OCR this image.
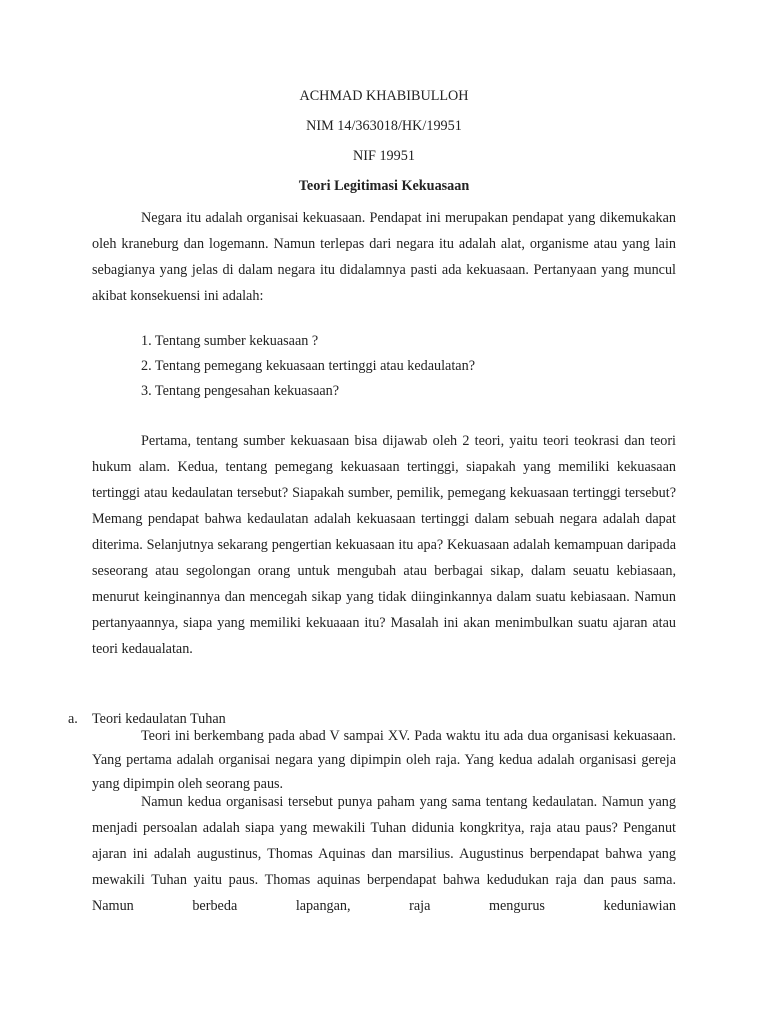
ACHMAD KHABIBULLOH
NIM 14/363018/HK/19951
NIF 19951
Teori Legitimasi Kekuasaan

Negara itu adalah organisai kekuasaan. Pendapat ini merupakan pendapat yang dikemukakan oleh kraneburg dan logemann. Namun terlepas dari negara itu adalah alat, organisme atau yang lain sebagianya yang jelas di dalam negara itu didalamnya pasti ada kekuasaan. Pertanyaan yang muncul akibat konsekuensi ini adalah:

1. Tentang sumber kekuasaan ?
2. Tentang pemegang kekuasaan tertinggi atau kedaulatan?
3. Tentang pengesahan kekuasaan?

Pertama, tentang sumber kekuasaan bisa dijawab oleh 2 teori, yaitu teori teokrasi dan teori hukum alam. Kedua, tentang pemegang kekuasaan tertinggi, siapakah yang memiliki kekuasaan tertinggi atau kedaulatan tersebut? Siapakah sumber, pemilik, pemegang kekuasaan tertinggi tersebut? Memang pendapat bahwa kedaulatan adalah kekuasaan tertinggi dalam sebuah negara adalah dapat diterima. Selanjutnya sekarang pengertian kekuasaan itu apa? Kekuasaan adalah kemampuan daripada seseorang atau segolongan orang untuk mengubah atau berbagai sikap, dalam seuatu kebiasaan, menurut keinginannya dan mencegah sikap yang tidak diinginkannya dalam suatu kebiasaan. Namun pertanyaannya, siapa yang memiliki kekuaaan itu? Masalah ini akan menimbulkan suatu ajaran atau teori kedaualatan.

a. Teori kedaulatan Tuhan

Teori ini berkembang pada abad V sampai XV. Pada waktu itu ada dua organisasi kekuasaan. Yang pertama adalah organisai negara yang dipimpin oleh raja. Yang kedua adalah organisasi gereja yang dipimpin oleh seorang paus.

Namun kedua organisasi tersebut punya paham yang sama tentang kedaulatan. Namun yang menjadi persoalan adalah siapa yang mewakili Tuhan didunia kongkritya, raja atau paus? Penganut ajaran ini adalah augustinus, Thomas Aquinas dan marsilius. Augustinus berpendapat bahwa yang mewakili Tuhan yaitu paus. Thomas aquinas berpendapat bahwa kedudukan raja dan paus sama. Namun berbeda lapangan, raja mengurus keduniawian
